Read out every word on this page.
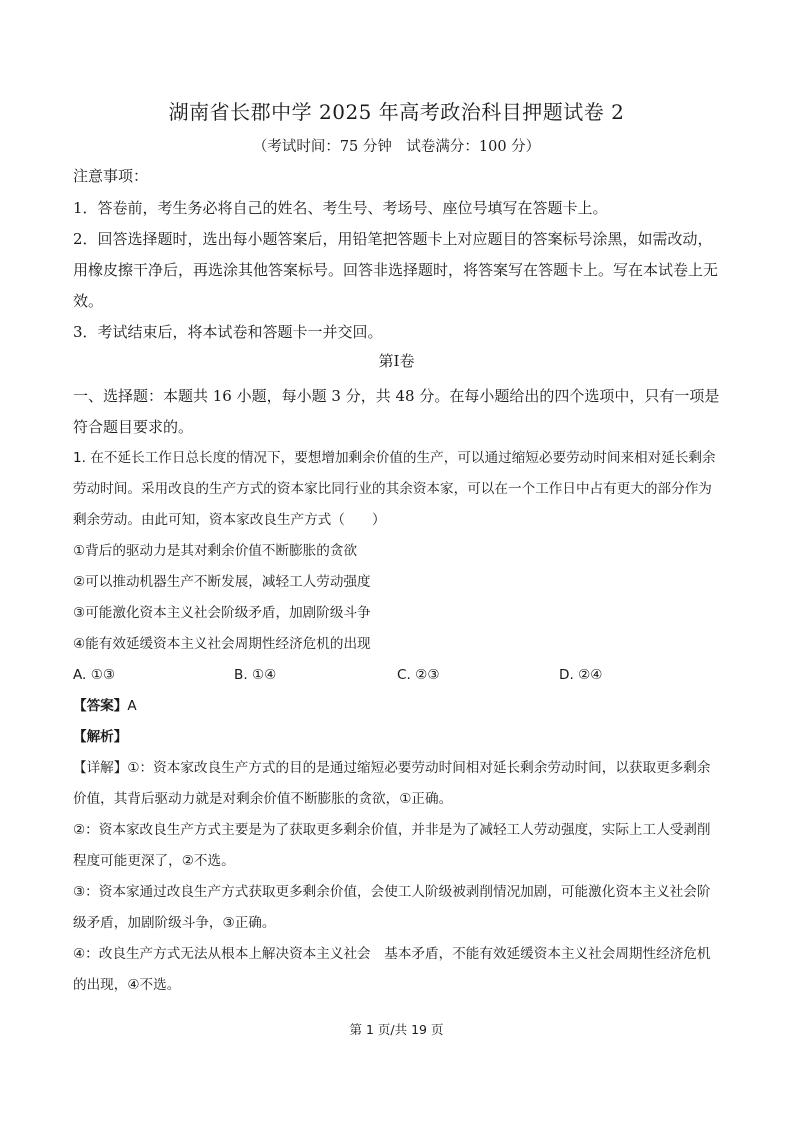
湖南省长郡中学 2025 年高考政治科目押题试卷 2
（考试时间：75 分钟　试卷满分：100 分）
注意事项：

1．答卷前，考生务必将自己的姓名、考生号、考场号、座位号填写在答题卡上。

2．回答选择题时，选出每小题答案后，用铅笔把答题卡上对应题目的答案标号涂黑，如需改动，用橡皮擦干净后，再选涂其他答案标号。回答非选择题时，将答案写在答题卡上。写在本试卷上无效。

3．考试结束后，将本试卷和答题卡一并交回。

第Ⅰ卷

一、选择题：本题共 16 小题，每小题 3 分，共 48 分。在每小题给出的四个选项中，只有一项是符合题目要求的。

1. 在不延长工作日总长度的情况下，要想增加剩余价值的生产，可以通过缩短必要劳动时间来相对延长剩余劳动时间。采用改良的生产方式的资本家比同行业的其余资本家，可以在一个工作日中占有更大的部分作为剩余劳动。由此可知，资本家改良生产方式（　　）

①背后的驱动力是其对剩余价值不断膨胀的贪欲

②可以推动机器生产不断发展，减轻工人劳动强度

③可能激化资本主义社会阶级矛盾，加剧阶级斗争

④能有效延缓资本主义社会周期性经济危机的出现

A. ①③	B. ①④	C. ②③	D. ②④

【答案】A

【解析】

【详解】①：资本家改良生产方式的目的是通过缩短必要劳动时间相对延长剩余劳动时间，以获取更多剩余价值，其背后驱动力就是对剩余价值不断膨胀的贪欲，①正确。

②：资本家改良生产方式主要是为了获取更多剩余价值，并非是为了减轻工人劳动强度，实际上工人受剥削程度可能更深了，②不选。

③：资本家通过改良生产方式获取更多剩余价值，会使工人阶级被剥削情况加剧，可能激化资本主义社会阶级矛盾，加剧阶级斗争，③正确。

④：改良生产方式无法从根本上解决资本主义社会　基本矛盾，不能有效延缓资本主义社会周期性经济危机的出现，④不选。

第 1 页/共 19 页
